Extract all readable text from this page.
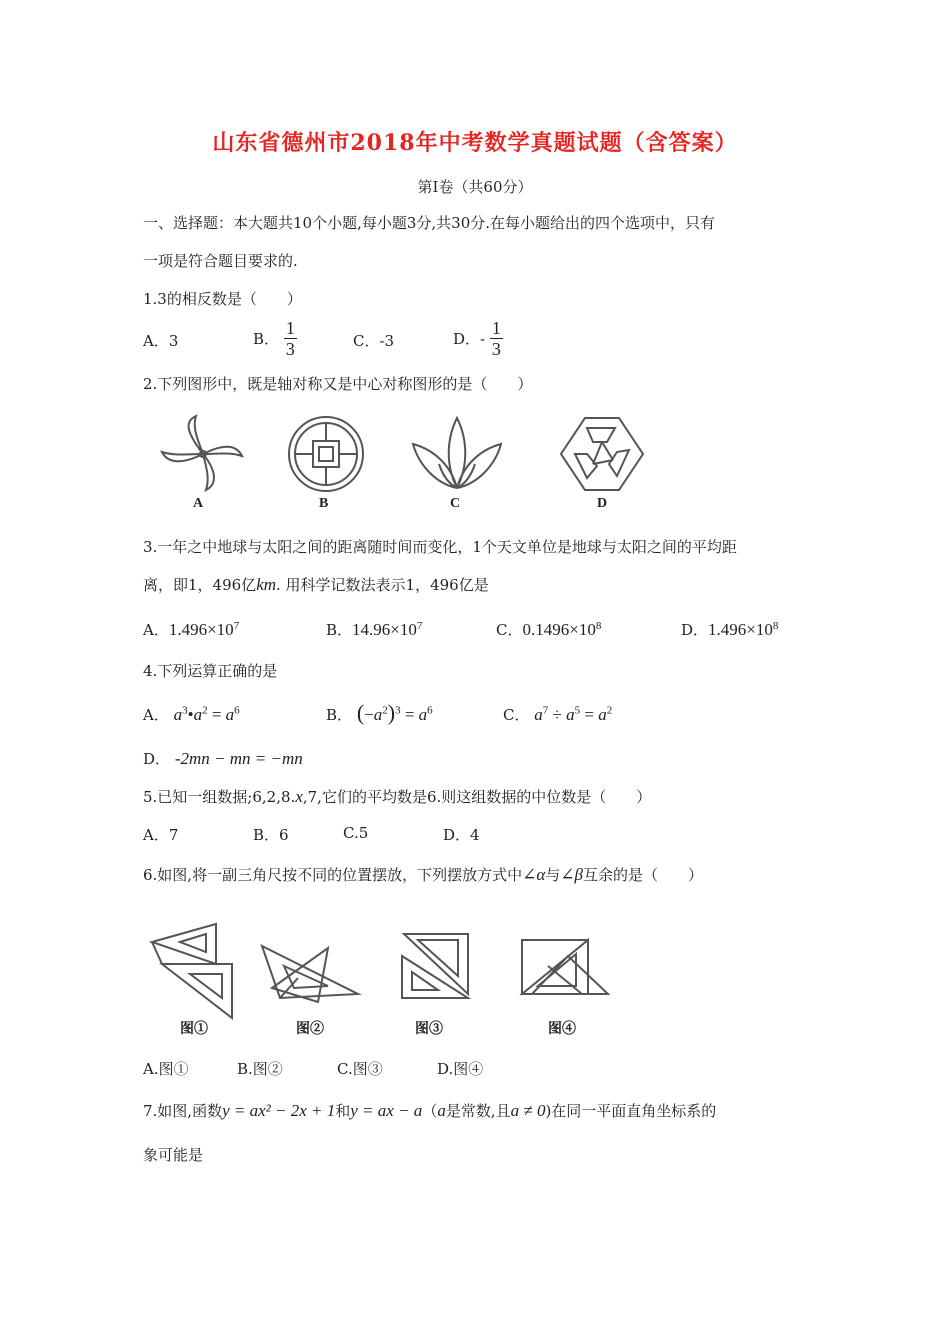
山东省德州市2018年中考数学真题试题（含答案）
第Ⅰ卷（共60分）
一、选择题：本大题共10个小题,每小题3分,共30分.在每小题给出的四个选项中，只有
一项是符合题目要求的.
1.3的相反数是（　　）
A．3	B． $\frac{1}{3}$	C．-3	D．- $\frac{1}{3}$
2.下列图形中，既是轴对称又是中心对称图形的是（　　）
A	B	C	D
3.一年之中地球与太阳之间的距离随时间而变化，1个天文单位是地球与太阳之间的平均距
离，即1，496亿km. 用科学记数法表示1，496亿是
A．$1.496\times 10^7$	B．$14.96\times 10^7$	C．$0.1496\times 10^8$	D．$1.496\times 10^8$
4.下列运算正确的是
A． $a^3•a^2 = a^6$	B． $(-a^2)^3 = a^6$	C． $a^7 \div a^5 = a^2$
D． -2mn − mn = −mn
5.已知一组数据;6,2,8.x,7,它们的平均数是6.则这组数据的中位数是（　　）
A．7	B．6	C.5	D．4
6.如图,将一副三角尺按不同的位置摆放，下列摆放方式中∠α与∠β互余的是（　　）
图①	图②	图③	图④
A.图①	B.图②	C.图③	D.图④
7.如图,函数y = ax² − 2x + 1和y = ax − a（a是常数,且a ≠ 0)在同一平面直角坐标系的
象可能是
